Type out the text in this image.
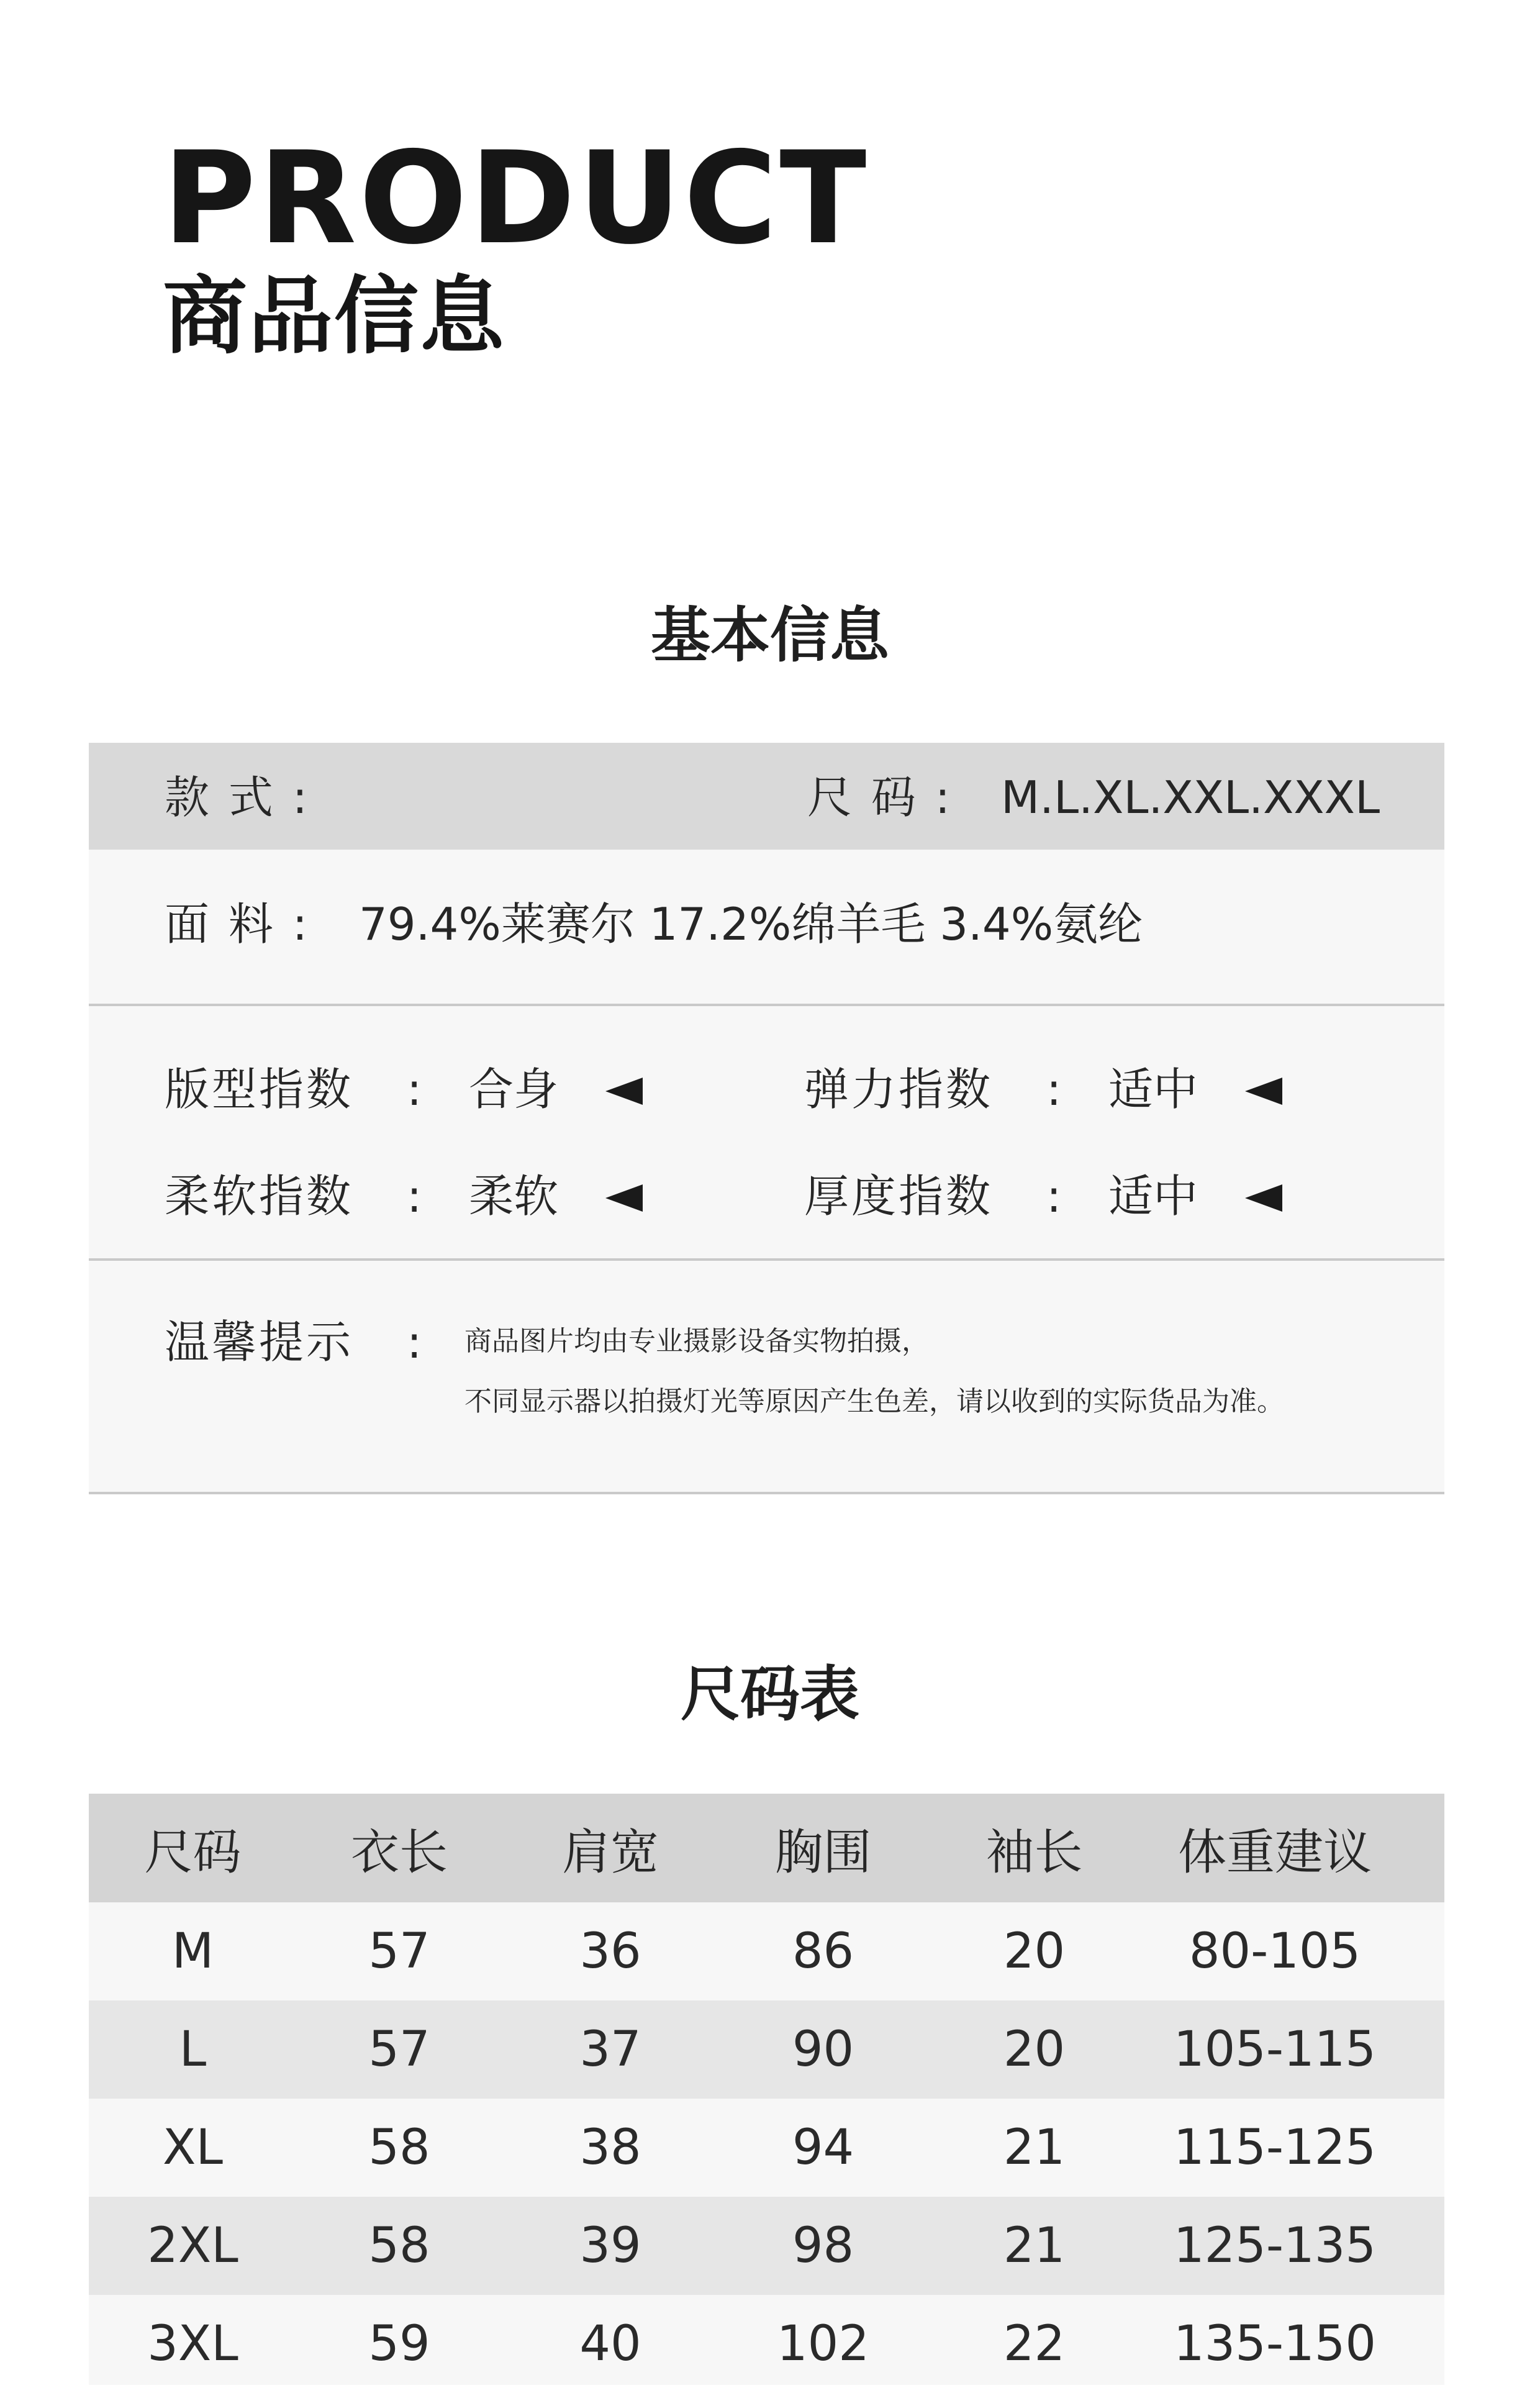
PRODUCT
商品信息
基本信息
款 式 :	尺 码 : M.L.XL.XXL.XXXL
面 料 : 79.4%莱赛尔 17.2%绵羊毛 3.4%氨纶
版型指数 : 合身	弹力指数 : 适中
柔软指数 : 柔软	厚度指数 : 适中
温馨提示 : 商品图片均由专业摄影设备实物拍摄，
不同显示器以拍摄灯光等原因产生色差，请以收到的实际货品为准。
尺码表
尺码	衣长	肩宽	胸围	袖长	体重建议
M	57	36	86	20	80-105
L	57	37	90	20	105-115
XL	58	38	94	21	115-125
2XL	58	39	98	21	125-135
3XL	59	40	102	22	135-150
